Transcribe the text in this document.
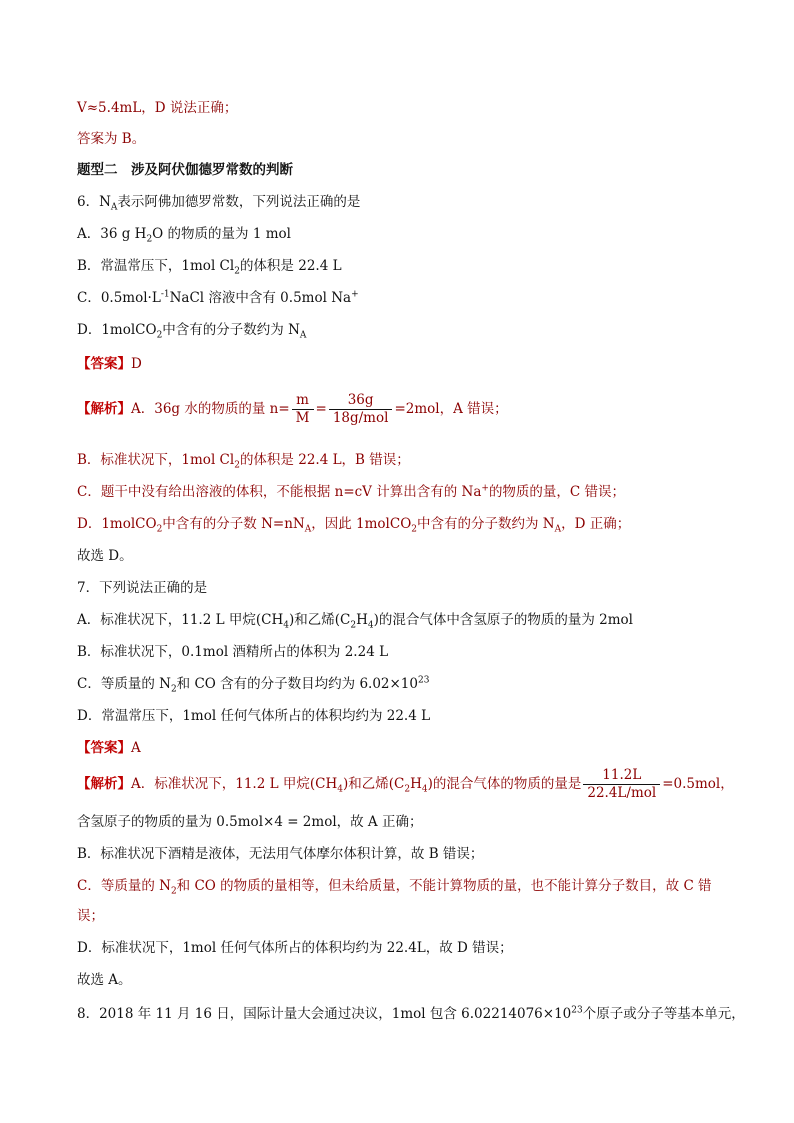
V≈5.4mL，D 说法正确；
答案为 B。
题型二　涉及阿伏伽德罗常数的判断
6．$N_A$表示阿佛加德罗常数，下列说法正确的是
A．36 g $H_2O$ 的物质的量为 1 mol
B．常温常压下，1mol $Cl_2$的体积是 22.4 L
C．$0.5mol\cdot L^{-1}NaCl$ 溶液中含有 0.5mol Na+
D．1molCO$_2$中含有的分子数约为 $N_A$
【答案】D
【解析】A．36g 水的物质的量 $n= \frac{m}{M} = \frac{36g}{\text{18g/mol}} =2mol$，A 错误；
B．标准状况下，1mol $Cl_2$的体积是 22.4 L，B 错误；
C．题干中没有给出溶液的体积，不能根据 n=cV 计算出含有的 Na+的物质的量，C 错误；
D．1molCO$_2$中含有的分子数 $N=nN_A$，因此 1molCO$_2$中含有的分子数约为 $N_A$，D 正确；
故选 D。
7．下列说法正确的是
A．标准状况下，11.2 L 甲烷$(CH_4)$和乙烯$(C_2H_4)$的混合气体中含氢原子的物质的量为 2mol
B．标准状况下，0.1mol 酒精所占的体积为 2.24 L
C．等质量的 $N_2$和 CO 含有的分子数目均约为 $6.02\times 10^{23}$
D．常温常压下，1mol 任何气体所占的体积均约为 22.4 L
【答案】A
【解析】A．标准状况下，11.2 L 甲烷$(CH_4)$和乙烯$(C_2H_4)$的混合气体的物质的量是 $\frac{11.2L}{\text{22.4L/mol}} =0.5mol$，
含氢原子的物质的量为 0.5mol×4 = 2mol，故 A 正确；
B．标准状况下酒精是液体，无法用气体摩尔体积计算，故 B 错误；
C．等质量的 $N_2$和 CO 的物质的量相等，但未给质量，不能计算物质的量，也不能计算分子数目，故 C 错
误；
D．标准状况下，1mol 任何气体所占的体积均约为 22.4L，故 D 错误；
故选 A。
8．2018 年 11 月 16 日，国际计量大会通过决议，1mol 包含 $6.02214076\times 10^{23}$个原子或分子等基本单元，
